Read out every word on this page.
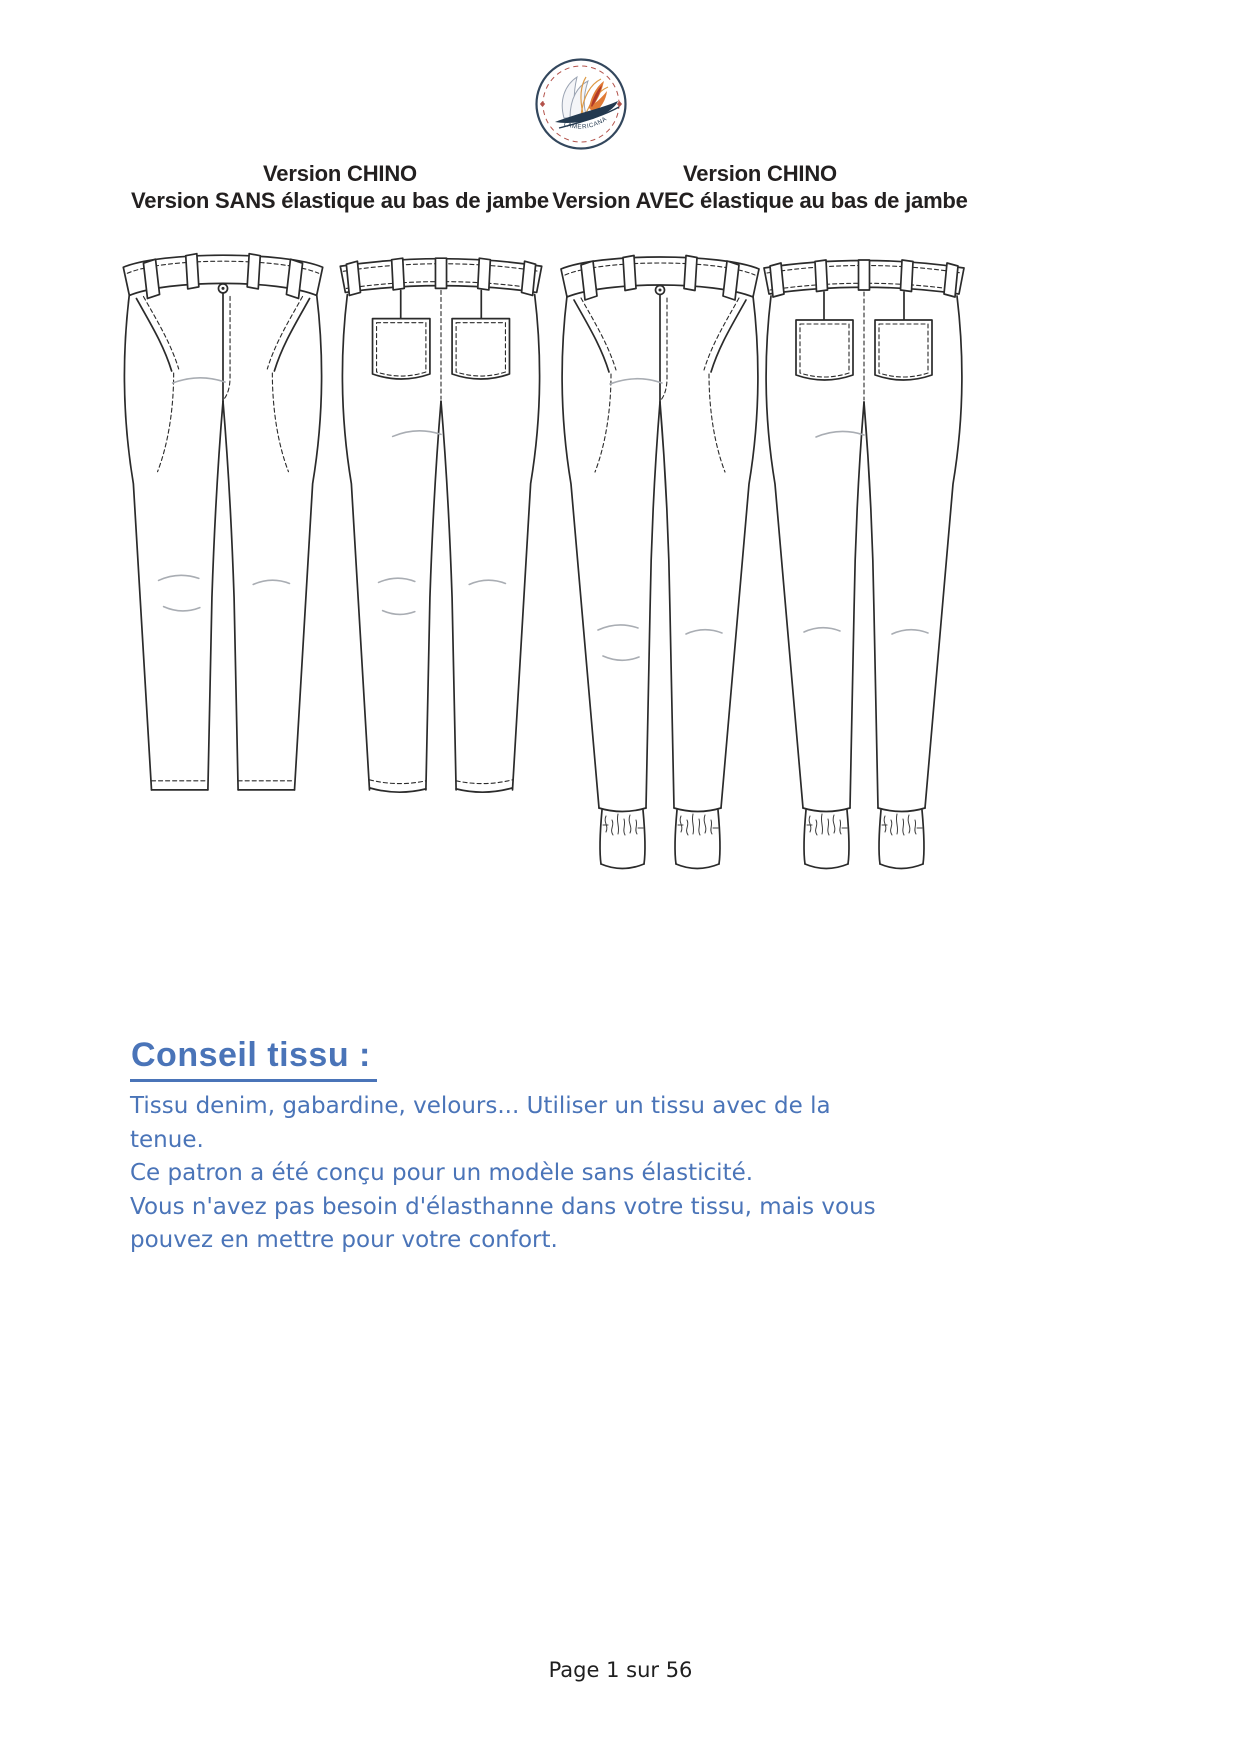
LAMERICANA
Version CHINO
Version SANS élastique au bas de jambe
Version CHINO
Version AVEC élastique au bas de jambe
Conseil tissu :
Tissu denim, gabardine, velours... Utiliser un tissu avec de la
tenue.
Ce patron a été conçu pour un modèle sans élasticité.
Vous n'avez pas besoin d'élasthanne dans votre tissu, mais vous
pouvez en mettre pour votre confort.
Page 1 sur 56
